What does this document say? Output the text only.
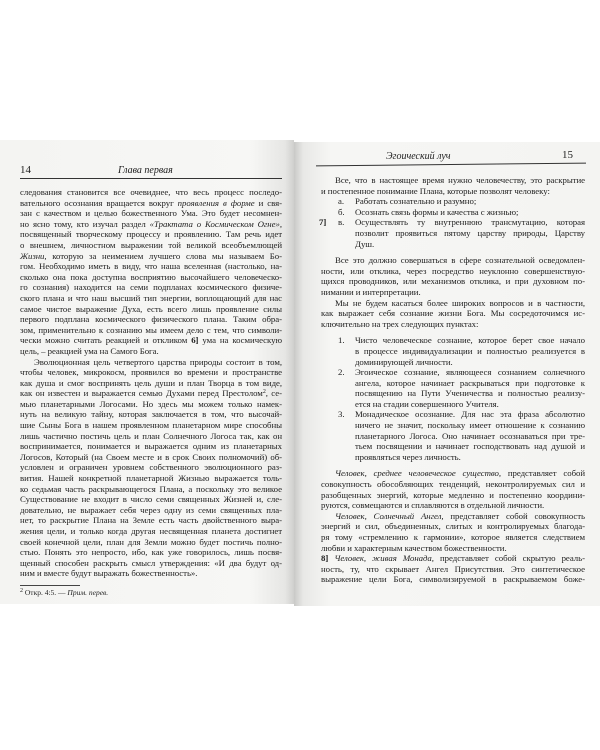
14	Глава первая
следования становится все очевиднее, что весь процесс последо-
вательного осознания вращается вокруг проявления в форме и свя-
зан с качеством и целью божественного Ума. Это будет несомнен-
но ясно тому, кто изучал раздел «Трактата о Космическом Огне»,
посвященный творческому процессу и проявлению. Там речь идет
о внешнем, личностном выражении той великой всеобъемлющей
Жизни, которую за неимением лучшего слова мы называем Бо-
гом. Необходимо иметь в виду, что наша вселенная (настолько, на-
сколько она пока доступна восприятию высочайшего человеческо-
го сознания) находится на семи подпланах космического физиче-
ского плана и что наш высший тип энергии, воплощающий для нас
самое чистое выражение Духа, есть всего лишь проявление силы
первого подплана космического физического плана. Таким обра-
зом, применительно к сознанию мы имеем дело с тем, что символи-
чески можно считать реакцией и откликом 6] ума на космическую
цель, – реакцией ума на Самого Бога.
Эволюционная цель четвертого царства природы состоит в том,
чтобы человек, микрокосм, проявился во времени и пространстве
как душа и смог воспринять цель души и план Творца в том виде,
как он известен и выражается семью Духами перед Престолом$^2$, се-
мью планетарными Логосами. Но здесь мы можем только намек-
нуть на великую тайну, которая заключается в том, что высочай-
шие Сыны Бога в нашем проявленном планетарном мире способны
лишь частично постичь цель и план Солнечного Логоса так, как он
воспринимается, понимается и выражается одним из планетарных
Логосов, Который (на Своем месте и в срок Своих полномочий) об-
условлен и ограничен уровнем собственного эволюционного раз-
вития. Нашей конкретной планетарной Жизнью выражается толь-
ко седьмая часть раскрывающегося Плана, а поскольку это великое
Существование не входит в число семи священных Жизней и, сле-
довательно, не выражает себя через одну из семи священных пла-
нет, то раскрытие Плана на Земле есть часть двойственного выра-
жения цели, и только когда другая несвященная планета достигнет
своей конечной цели, план для Земли можно будет постичь полно-
стью. Понять это непросто, ибо, как уже говорилось, лишь посвя-
щенный способен раскрыть смысл утверждения: «И два будут од-
ним и вместе будут выражать божественность».
$^2$ Откр. 4:5. — Прим. перев.
Эгоический луч	15
Все, что в настоящее время нужно человечеству, это раскрытие
и постепенное понимание Плана, которые позволят человеку:
а. Работать сознательно и разумно;
б. Осознать связь формы и качества с жизнью;
в.
7]	Осуществлять ту внутреннюю трансмутацию, которая
позволит проявиться пятому царству природы, Царству
Душ.
Все это должно совершаться в сфере сознательной осведомлен-
ности, или отклика, через посредство неуклонно совершенствую-
щихся проводников, или механизмов отклика, и при духовном по-
нимании и интерпретации.
Мы не будем касаться более широких вопросов и в частности,
как выражает себя сознание жизни Бога. Мы сосредоточимся ис-
ключительно на трех следующих пунктах:
1. Чисто человеческое сознание, которое берет свое начало
в процессе индивидуализации и полностью реализуется в
доминирующей личности.
2. Эгоическое сознание, являющееся сознанием солнечного
ангела, которое начинает раскрываться при подготовке к
посвящению на Пути Ученичества и полностью реализу-
ется на стадии совершенного Учителя.
3. Монадическое осознание. Для нас эта фраза абсолютно
ничего не значит, поскольку имеет отношение к сознанию
планетарного Логоса. Оно начинает осознаваться при тре-
тьем посвящении и начинает господствовать над душой и
проявляться через личность.
Человек, среднее человеческое существо, представляет собой
совокупность обособляющих тенденций, неконтролируемых сил и
разобщенных энергий, которые медленно и постепенно координи-
руются, совмещаются и сплавляются в отдельной личности.
Человек, Солнечный Ангел, представляет собой совокупность
энергий и сил, объединенных, слитых и контролируемых благода-
ря тому «стремлению к гармонии», которое является следствием
любви и характерным качеством божественности.
8] Человек, живая Монада, представляет собой скрытую реаль-
ность, ту, что скрывает Ангел Присутствия. Это синтетическое
выражение цели Бога, символизируемой в раскрываемом боже-
